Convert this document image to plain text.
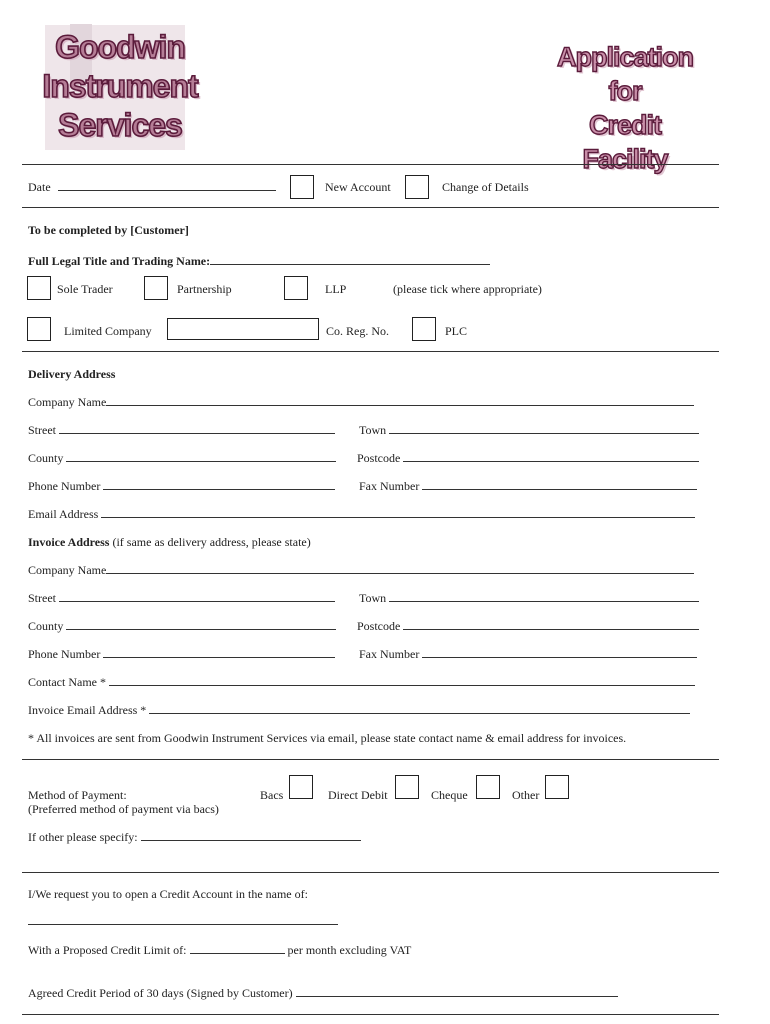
Goodwin
Instrument
Services
Application
for
Credit Facility
Date	New Account	Change of Details
To be completed by [Customer]
Full Legal Title and Trading Name:
Sole Trader	Partnership	LLP	(please tick where appropriate)
Limited Company	Co. Reg. No.	PLC
Delivery Address
Company Name
Street	Town
County	Postcode
Phone Number	Fax Number
Email Address
Invoice Address (if same as delivery address, please state)
Company Name
Street	Town
County	Postcode
Phone Number	Fax Number
Contact Name *
Invoice Email Address *
* All invoices are sent from Goodwin Instrument Services via email, please state contact name & email address for invoices.
Method of Payment:
(Preferred method of payment via bacs)
Bacs	Direct Debit	Cheque	Other
If other please specify:
I/We request you to open a Credit Account in the name of:
With a Proposed Credit Limit of:	per month excluding VAT
Agreed Credit Period of 30 days (Signed by Customer)
